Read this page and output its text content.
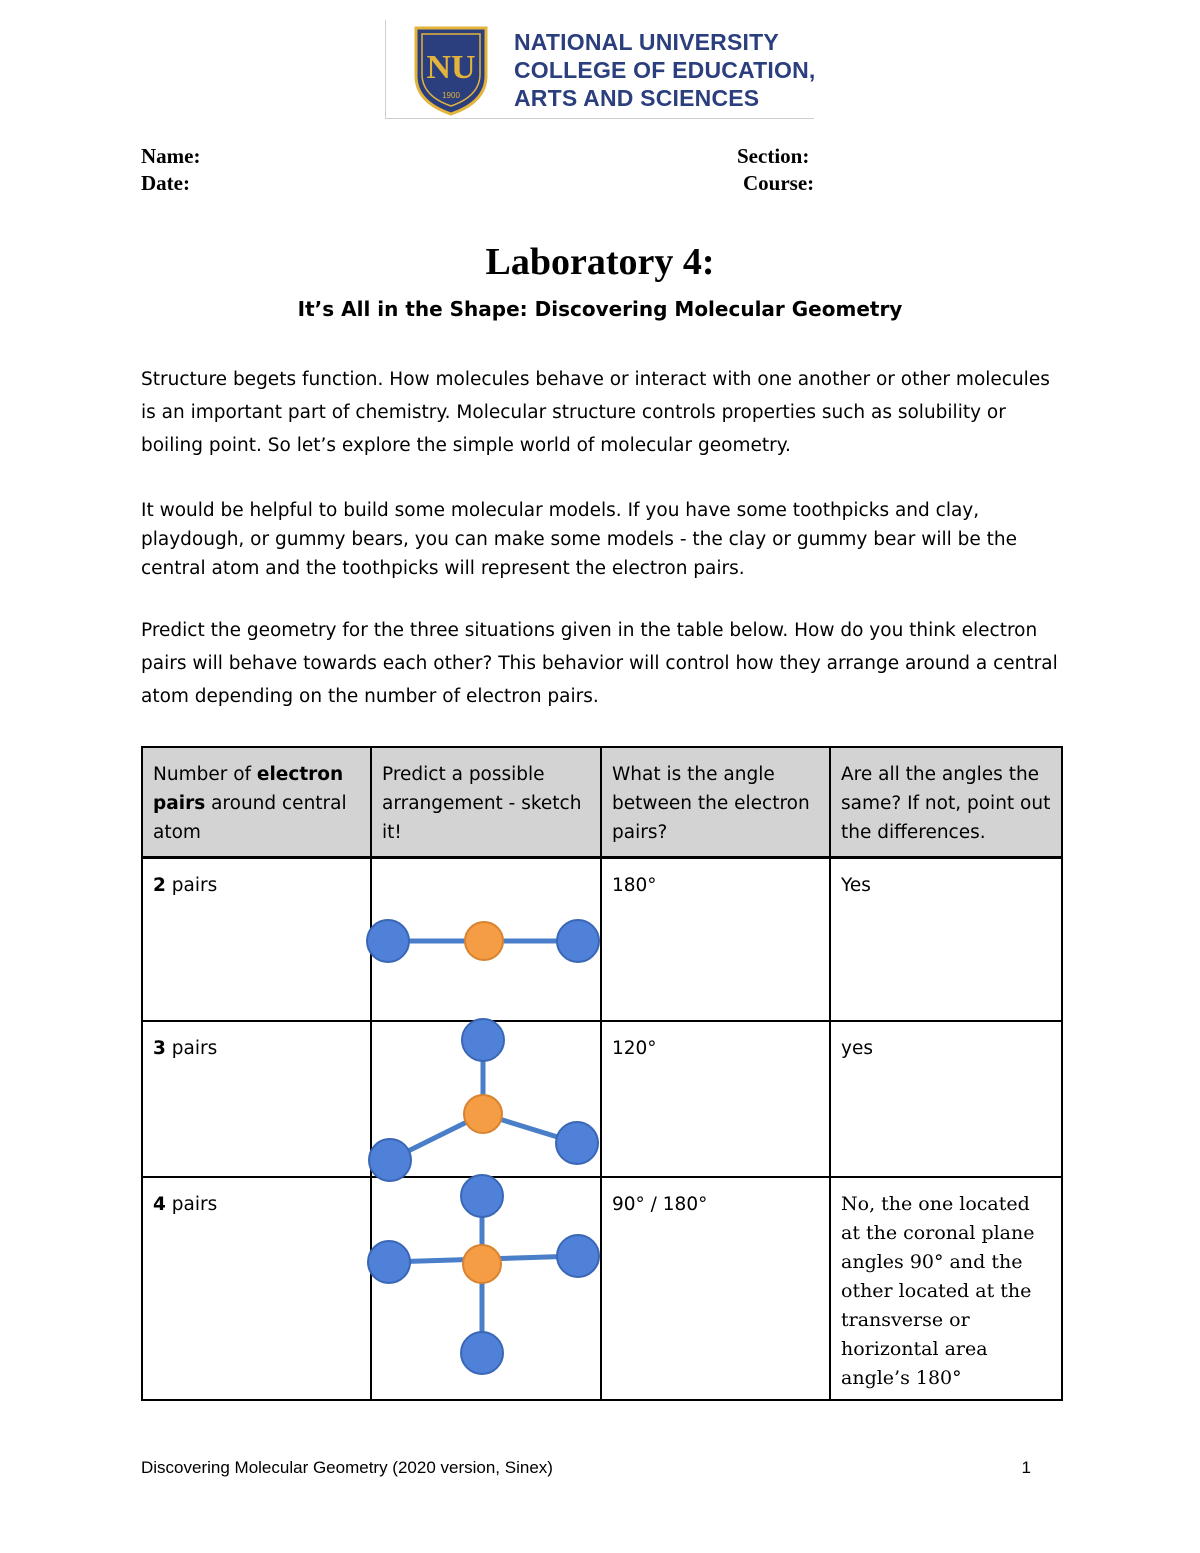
NU
1900
NATIONAL UNIVERSITY
COLLEGE OF EDUCATION,
ARTS AND SCIENCES
Name:
Date:
Section:
Course:
Laboratory 4:
It’s All in the Shape: Discovering Molecular Geometry
Structure begets function. How molecules behave or interact with one another or other molecules is an important part of chemistry. Molecular structure controls properties such as solubility or boiling point. So let’s explore the simple world of molecular geometry.
It would be helpful to build some molecular models. If you have some toothpicks and clay, playdough, or gummy bears, you can make some models - the clay or gummy bear will be the central atom and the toothpicks will represent the electron pairs.
Predict the geometry for the three situations given in the table below. How do you think electron pairs will behave towards each other? This behavior will control how they arrange around a central atom depending on the number of electron pairs.
Number of electron pairs around central atom	Predict a possible arrangement - sketch it!	What is the angle between the electron pairs?	Are all the angles the same? If not, point out the differences.
2 pairs		180°	Yes
3 pairs		120°	yes
4 pairs		90° / 180°	No, the one located at the coronal plane angles 90° and the other located at the transverse or horizontal area angle’s 180°
Discovering Molecular Geometry (2020 version, Sinex)	1
